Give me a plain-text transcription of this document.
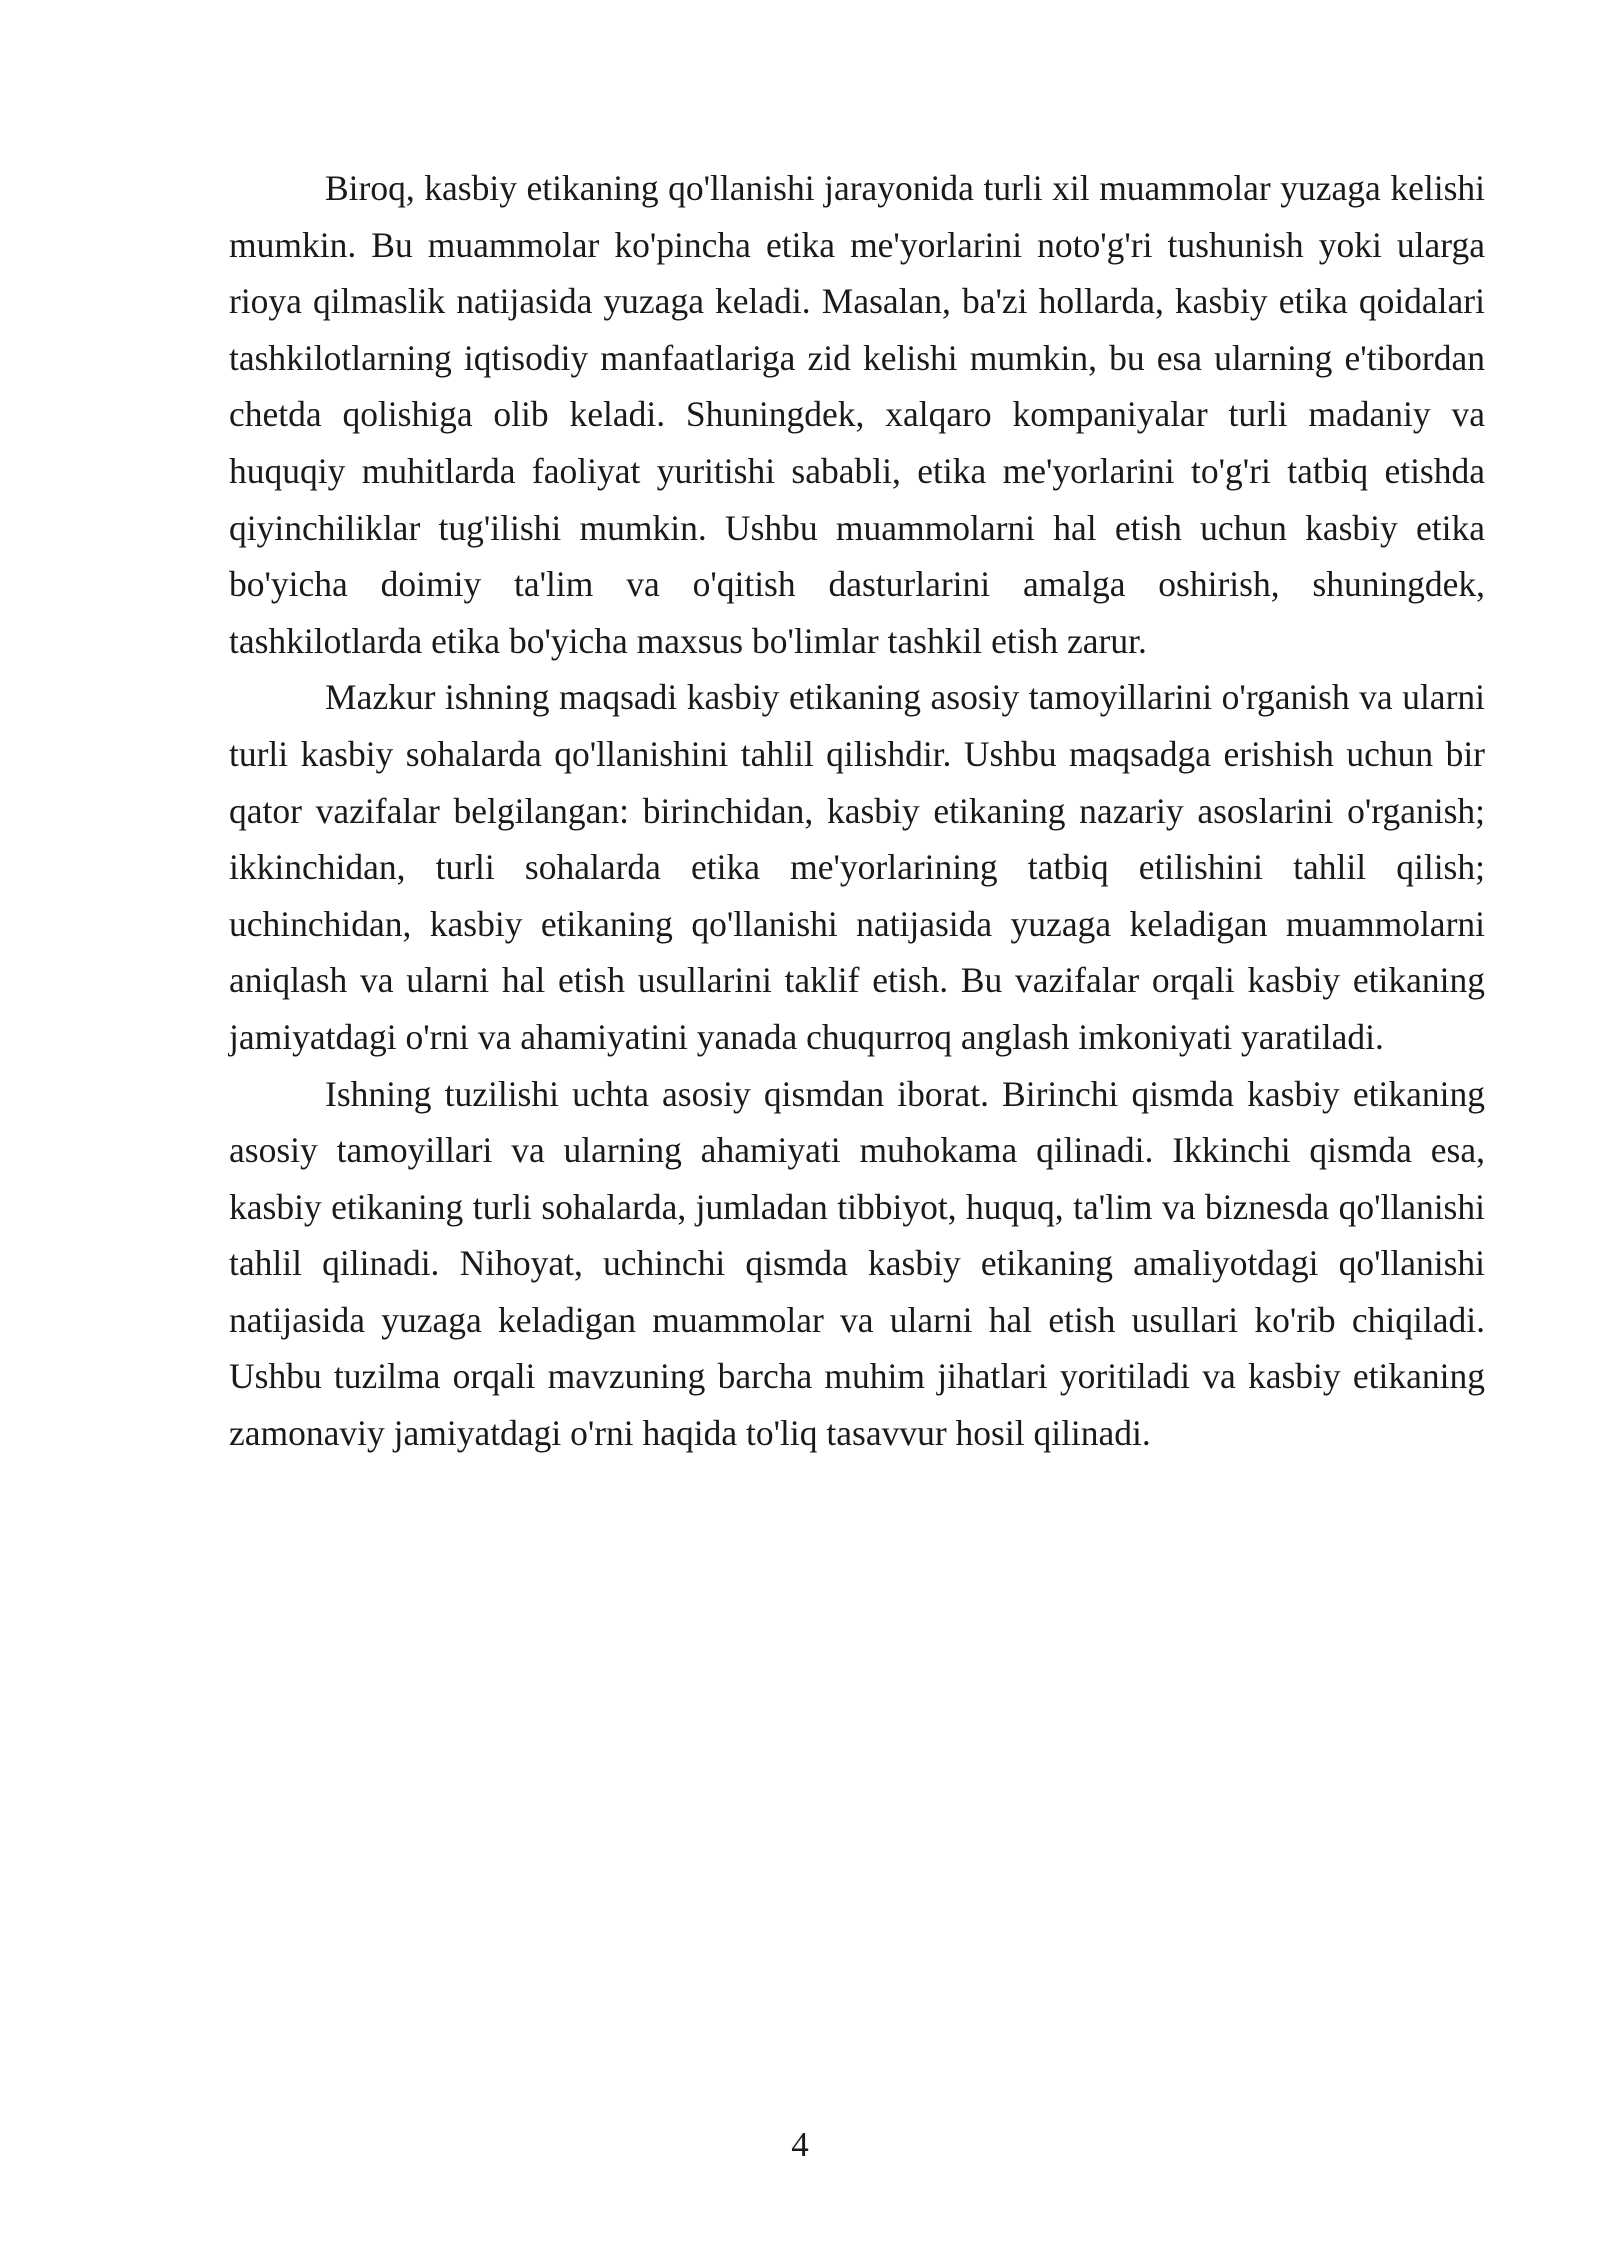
Biroq, kasbiy etikaning qo'llanishi jarayonida turli xil muammolar yuzaga kelishi mumkin. Bu muammolar ko'pincha etika me'yorlarini noto'g'ri tushunish yoki ularga rioya qilmaslik natijasida yuzaga keladi. Masalan, ba'zi hollarda, kasbiy etika qoidalari tashkilotlarning iqtisodiy manfaatlariga zid kelishi mumkin, bu esa ularning e'tibordan chetda qolishiga olib keladi. Shuningdek, xalqaro kompaniyalar turli madaniy va huquqiy muhitlarda faoliyat yuritishi sababli, etika me'yorlarini to'g'ri tatbiq etishda qiyinchiliklar tug'ilishi mumkin. Ushbu muammolarni hal etish uchun kasbiy etika bo'yicha doimiy ta'lim va o'qitish dasturlarini amalga oshirish, shuningdek, tashkilotlarda etika bo'yicha maxsus bo'limlar tashkil etish zarur.

Mazkur ishning maqsadi kasbiy etikaning asosiy tamoyillarini o'rganish va ularni turli kasbiy sohalarda qo'llanishini tahlil qilishdir. Ushbu maqsadga erishish uchun bir qator vazifalar belgilangan: birinchidan, kasbiy etikaning nazariy asoslarini o'rganish; ikkinchidan, turli sohalarda etika me'yorlarining tatbiq etilishini tahlil qilish; uchinchidan, kasbiy etikaning qo'llanishi natijasida yuzaga keladigan muammolarni aniqlash va ularni hal etish usullarini taklif etish. Bu vazifalar orqali kasbiy etikaning jamiyatdagi o'rni va ahamiyatini yanada chuqurroq anglash imkoniyati yaratiladi.

Ishning tuzilishi uchta asosiy qismdan iborat. Birinchi qismda kasbiy etikaning asosiy tamoyillari va ularning ahamiyati muhokama qilinadi. Ikkinchi qismda esa, kasbiy etikaning turli sohalarda, jumladan tibbiyot, huquq, ta'lim va biznesda qo'llanishi tahlil qilinadi. Nihoyat, uchinchi qismda kasbiy etikaning amaliyotdagi qo'llanishi natijasida yuzaga keladigan muammolar va ularni hal etish usullari ko'rib chiqiladi. Ushbu tuzilma orqali mavzuning barcha muhim jihatlari yoritiladi va kasbiy etikaning zamonaviy jamiyatdagi o'rni haqida to'liq tasavvur hosil qilinadi.

4
